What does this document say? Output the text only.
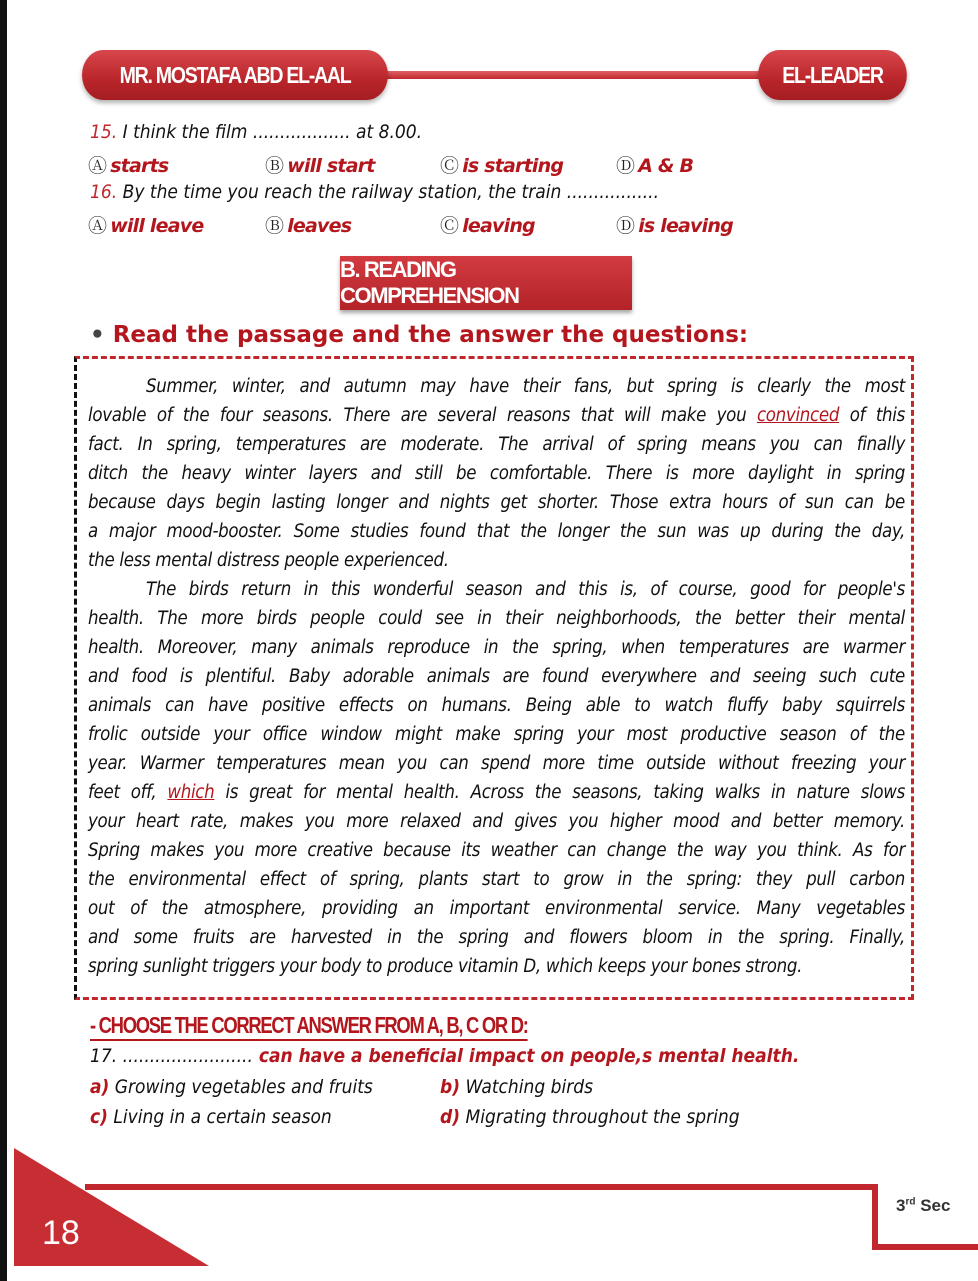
MR. MOSTAFA ABD EL-AAL	EL-LEADER
15. I think the film .................. at 8.00.
Ⓐ starts	Ⓑ will start	Ⓒ is starting	Ⓓ A & B
16. By the time you reach the railway station, the train .................
Ⓐ will leave	Ⓑ leaves	Ⓒ leaving	Ⓓ is leaving
B. READING COMPREHENSION
• Read the passage and the answer the questions:
Summer, winter, and autumn may have their fans, but spring is clearly the most
lovable of the four seasons. There are several reasons that will make you convinced of this
fact. In spring, temperatures are moderate. The arrival of spring means you can finally
ditch the heavy winter layers and still be comfortable. There is more daylight in spring
because days begin lasting longer and nights get shorter. Those extra hours of sun can be
a major mood-booster. Some studies found that the longer the sun was up during the day,
the less mental distress people experienced.
The birds return in this wonderful season and this is, of course, good for people's
health. The more birds people could see in their neighborhoods, the better their mental
health. Moreover, many animals reproduce in the spring, when temperatures are warmer
and food is plentiful. Baby adorable animals are found everywhere and seeing such cute
animals can have positive effects on humans. Being able to watch fluffy baby squirrels
frolic outside your office window might make spring your most productive season of the
year. Warmer temperatures mean you can spend more time outside without freezing your
feet off, which is great for mental health. Across the seasons, taking walks in nature slows
your heart rate, makes you more relaxed and gives you higher mood and better memory.
Spring makes you more creative because its weather can change the way you think. As for
the environmental effect of spring, plants start to grow in the spring: they pull carbon
out of the atmosphere, providing an important environmental service. Many vegetables
and some fruits are harvested in the spring and flowers bloom in the spring. Finally,
spring sunlight triggers your body to produce vitamin D, which keeps your bones strong.
- CHOOSE THE CORRECT ANSWER FROM A, B, C OR D:
17. ........................ can have a beneficial impact on people,s mental health.
a) Growing vegetables and fruits	b) Watching birds
c) Living in a certain season	d) Migrating throughout the spring
18
3rd Sec
